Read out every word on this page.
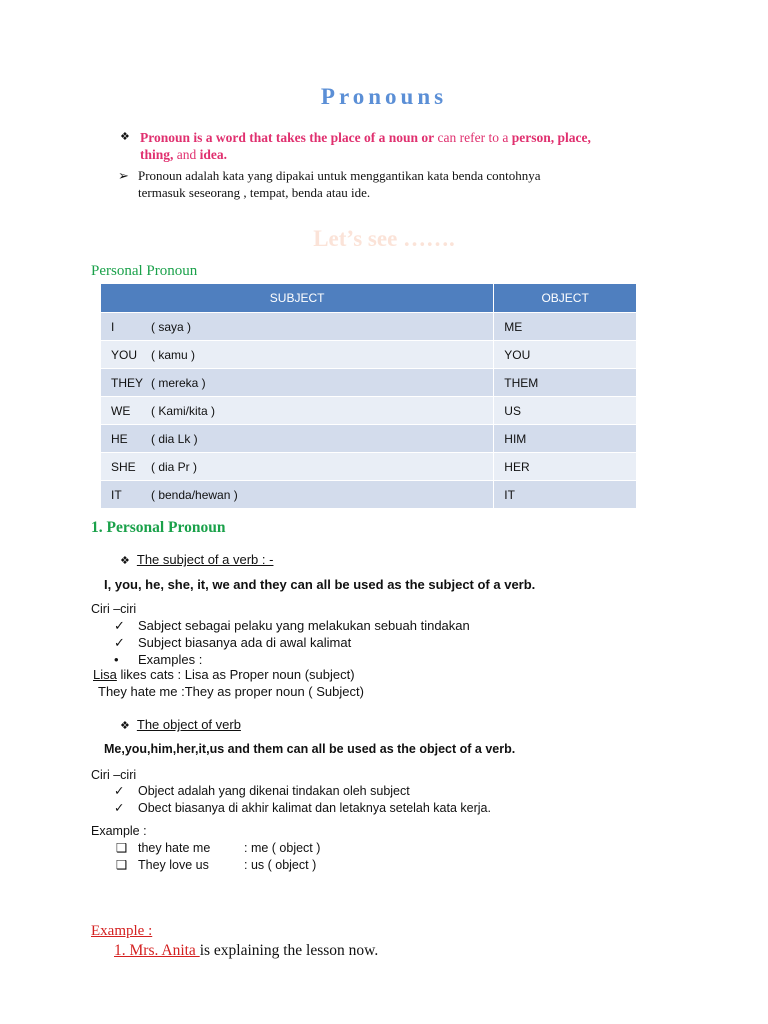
Pronouns
❖ Pronoun is a word that takes the place of a noun or can refer to a person, place,
thing, and idea.
➢ Pronoun adalah kata yang dipakai untuk menggantikan kata benda contohnya
termasuk seseorang , tempat, benda atau ide.
Let’s see …….
Personal Pronoun
SUBJECT	OBJECT
I ( saya )	ME
YOU ( kamu )	YOU
THEY ( mereka )	THEM
WE ( Kami/kita )	US
HE ( dia Lk )	HIM
SHE ( dia Pr )	HER
IT ( benda/hewan )	IT
1. Personal Pronoun
❖ The subject of a verb : -
I, you, he, she, it, we and they can all be used as the subject of a verb.
Ciri –ciri
✓ Sabject sebagai pelaku yang melakukan sebuah tindakan
✓ Subject biasanya ada di awal kalimat
• Examples :
Lisa likes cats : Lisa as Proper noun (subject)
They hate me :They as proper noun ( Subject)
❖ The object of verb
Me,you,him,her,it,us and them can all be used as the object of a verb.
Ciri –ciri
✓ Object adalah yang dikenai tindakan oleh subject
✓ Obect biasanya di akhir kalimat dan letaknya setelah kata kerja.
Example :
❑ they hate me	: me ( object )
❑ They love us	: us ( object )
Example :
1. Mrs. Anita is explaining the lesson now.
